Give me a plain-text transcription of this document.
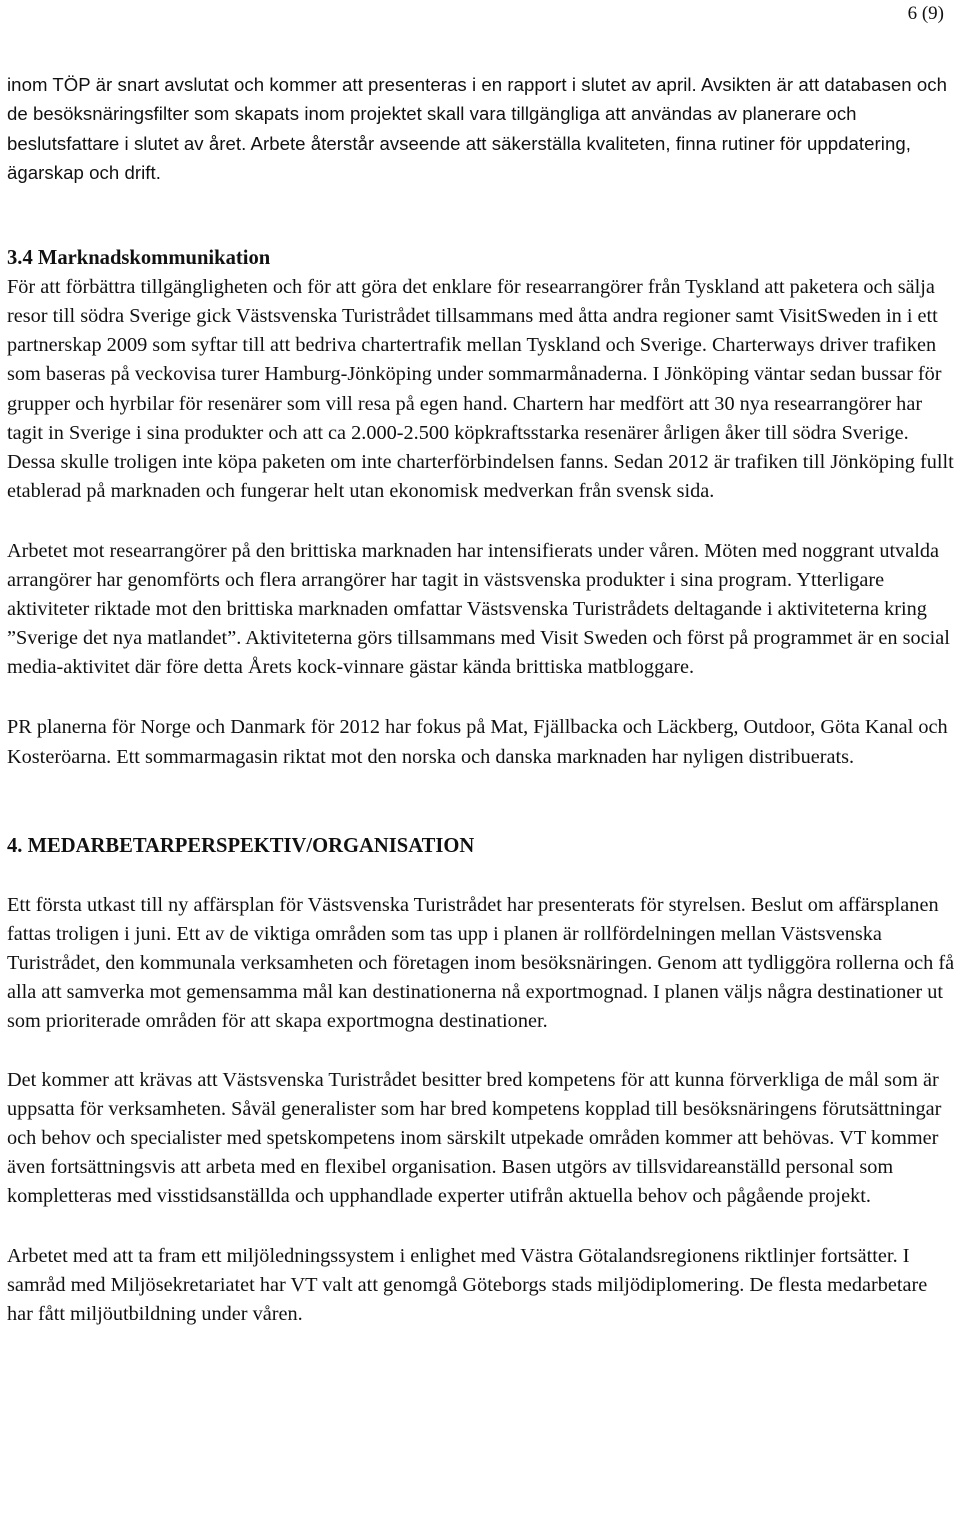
6 (9)

inom TÖP är snart avslutat och kommer att presenteras i en rapport i slutet av april. Avsikten är att databasen och de besöksnäringsfilter som skapats inom projektet skall vara tillgängliga att användas av planerare och beslutsfattare i slutet av året. Arbete återstår avseende att säkerställa kvaliteten, finna rutiner för uppdatering, ägarskap och drift.

3.4 Marknadskommunikation

För att förbättra tillgängligheten och för att göra det enklare för researrangörer från Tyskland att paketera och sälja resor till södra Sverige gick Västsvenska Turistrådet tillsammans med åtta andra regioner samt VisitSweden in i ett partnerskap 2009 som syftar till att bedriva chartertrafik mellan Tyskland och Sverige. Charterways driver trafiken som baseras på veckovisa turer Hamburg-Jönköping under sommarmånaderna. I Jönköping väntar sedan bussar för grupper och hyrbilar för resenärer som vill resa på egen hand. Chartern har medfört att 30 nya researrangörer har tagit in Sverige i sina produkter och att ca 2.000-2.500 köpkraftsstarka resenärer årligen åker till södra Sverige. Dessa skulle troligen inte köpa paketen om inte charterförbindelsen fanns. Sedan 2012 är trafiken till Jönköping fullt etablerad på marknaden och fungerar helt utan ekonomisk medverkan från svensk sida.

Arbetet mot researrangörer på den brittiska marknaden har intensifierats under våren. Möten med noggrant utvalda arrangörer har genomförts och flera arrangörer har tagit in västsvenska produkter i sina program. Ytterligare aktiviteter riktade mot den brittiska marknaden omfattar Västsvenska Turistrådets deltagande i aktiviteterna kring ”Sverige det nya matlandet”. Aktiviteterna görs tillsammans med Visit Sweden och först på programmet är en social media-aktivitet där före detta Årets kock-vinnare gästar kända brittiska matbloggare.

PR planerna för Norge och Danmark för 2012 har fokus på Mat, Fjällbacka och Läckberg, Outdoor, Göta Kanal och Kosteröarna. Ett sommarmagasin riktat mot den norska och danska marknaden har nyligen distribuerats.

4. MEDARBETARPERSPEKTIV/ORGANISATION

Ett första utkast till ny affärsplan för Västsvenska Turistrådet har presenterats för styrelsen. Beslut om affärsplanen fattas troligen i juni. Ett av de viktiga områden som tas upp i planen är rollfördelningen mellan Västsvenska Turistrådet, den kommunala verksamheten och företagen inom besöksnäringen. Genom att tydliggöra rollerna och få alla att samverka mot gemensamma mål kan destinationerna nå exportmognad. I planen väljs några destinationer ut som prioriterade områden för att skapa exportmogna destinationer.

Det kommer att krävas att Västsvenska Turistrådet besitter bred kompetens för att kunna förverkliga de mål som är uppsatta för verksamheten. Såväl generalister som har bred kompetens kopplad till besöksnäringens förutsättningar och behov och specialister med spetskompetens inom särskilt utpekade områden kommer att behövas. VT kommer även fortsättningsvis att arbeta med en flexibel organisation. Basen utgörs av tillsvidareanställd personal som kompletteras med visstidsanställda och upphandlade experter utifrån aktuella behov och pågående projekt.

Arbetet med att ta fram ett miljöledningssystem i enlighet med Västra Götalandsregionens riktlinjer fortsätter. I samråd med Miljösekretariatet har VT valt att genomgå Göteborgs stads miljödiplomering. De flesta medarbetare har fått miljöutbildning under våren.
